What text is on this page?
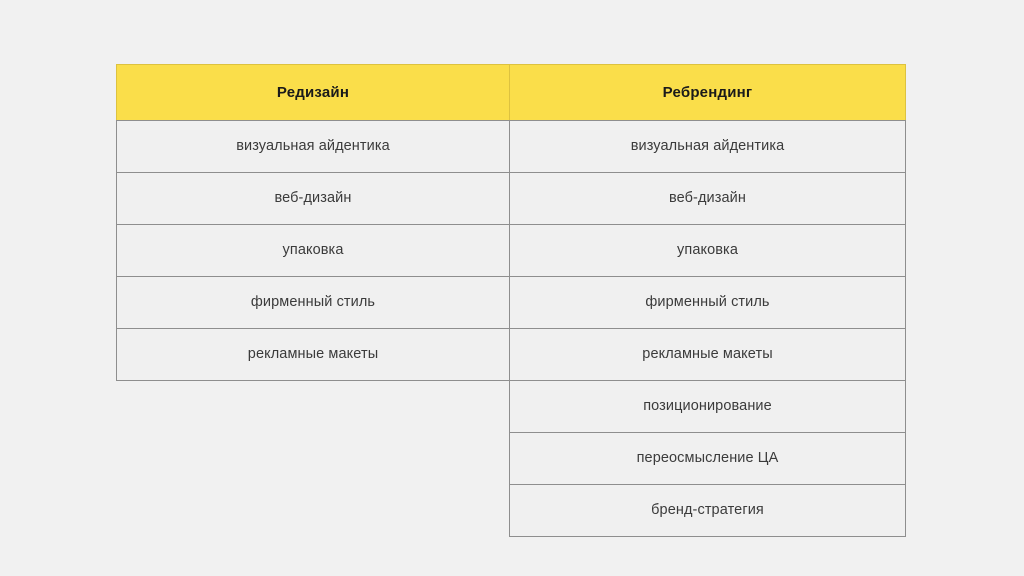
Редизайн
визуальная айдентика
веб-дизайн
упаковка
фирменный стиль
рекламные макеты
Ребрендинг
визуальная айдентика
веб-дизайн
упаковка
фирменный стиль
рекламные макеты
позиционирование
переосмысление ЦА
бренд-стратегия
